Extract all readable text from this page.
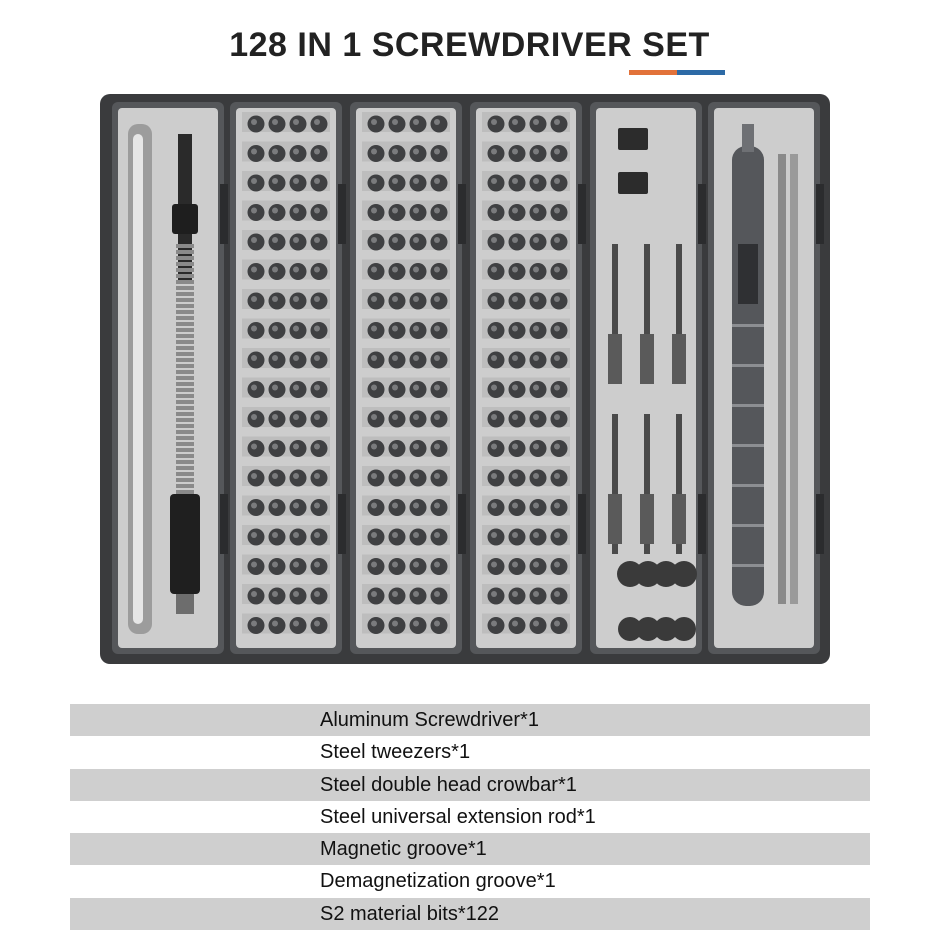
128 IN 1 SCREWDRIVER SET
Aluminum Screwdriver*1
Steel tweezers*1
Steel double head crowbar*1
Steel universal extension rod*1
Magnetic groove*1
Demagnetization groove*1
S2 material bits*122
